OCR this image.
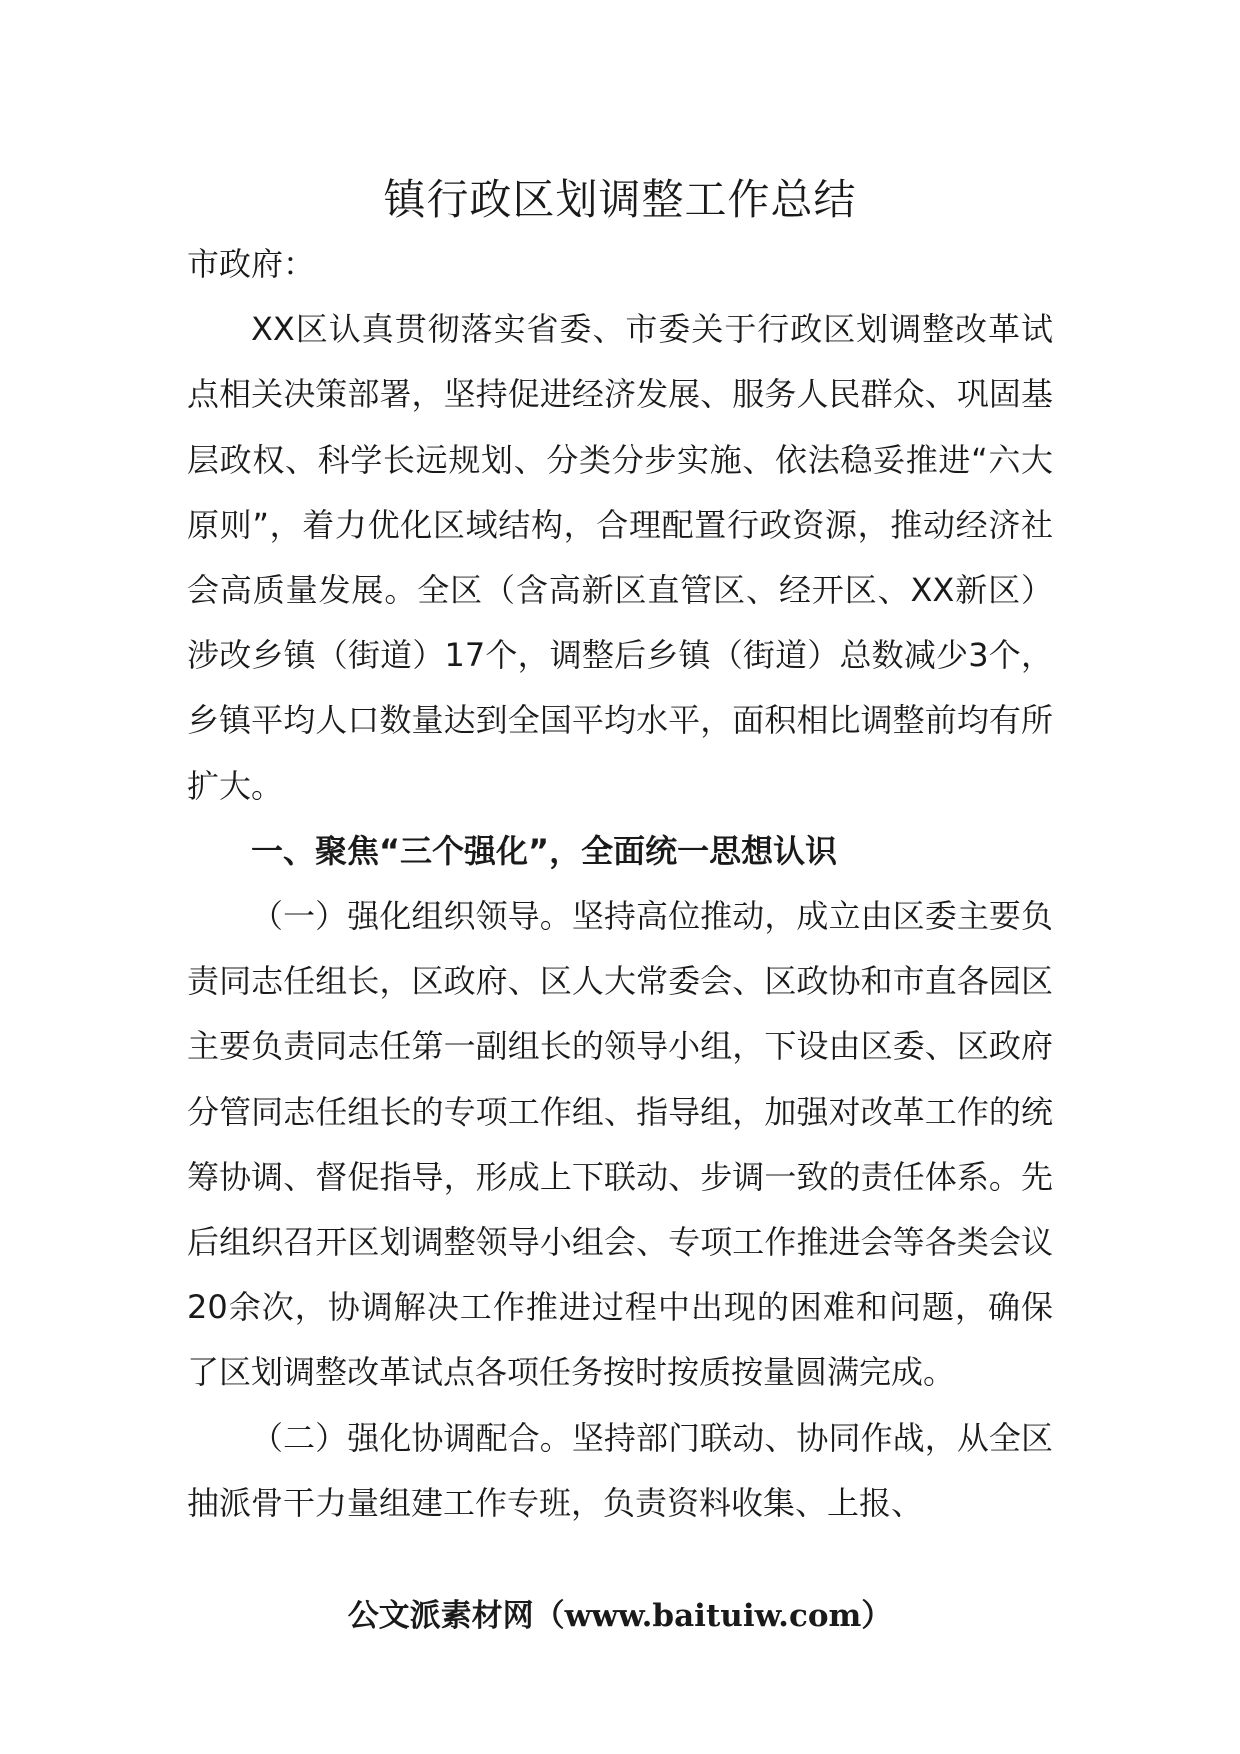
镇行政区划调整工作总结

市政府：

XX区认真贯彻落实省委、市委关于行政区划调整改革试点相关决策部署，坚持促进经济发展、服务人民群众、巩固基层政权、科学长远规划、分类分步实施、依法稳妥推进“六大原则”，着力优化区域结构，合理配置行政资源，推动经济社会高质量发展。全区（含高新区直管区、经开区、XX新区）涉改乡镇（街道）17个，调整后乡镇（街道）总数减少3个，乡镇平均人口数量达到全国平均水平，面积相比调整前均有所扩大。

一、聚焦“三个强化”，全面统一思想认识

（一）强化组织领导。坚持高位推动，成立由区委主要负责同志任组长，区政府、区人大常委会、区政协和市直各园区主要负责同志任第一副组长的领导小组，下设由区委、区政府分管同志任组长的专项工作组、指导组，加强对改革工作的统筹协调、督促指导，形成上下联动、步调一致的责任体系。先后组织召开区划调整领导小组会、专项工作推进会等各类会议20余次，协调解决工作推进过程中出现的困难和问题，确保了区划调整改革试点各项任务按时按质按量圆满完成。

（二）强化协调配合。坚持部门联动、协同作战，从全区抽派骨干力量组建工作专班，负责资料收集、上报、

公文派素材网（www.baituiw.com）
